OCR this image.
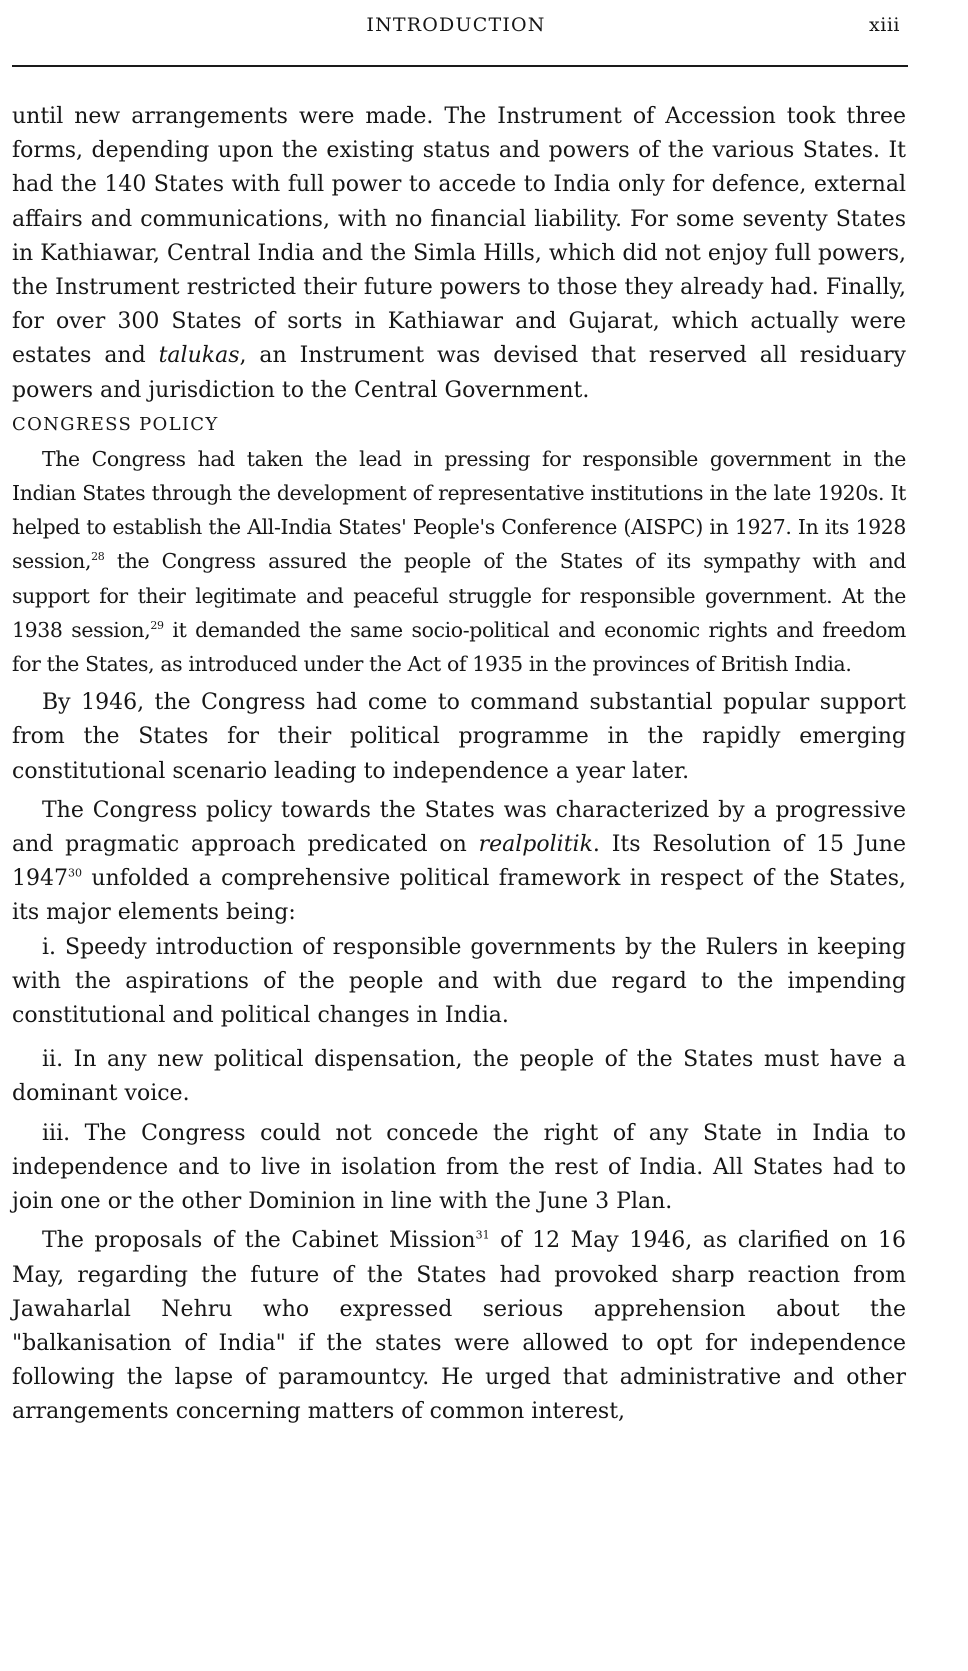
INTRODUCTION	xiii

until new arrangements were made. The Instrument of Accession took three forms, depending upon the existing status and powers of the various States. It had the 140 States with full power to accede to India only for defence, external affairs and communications, with no financial liability. For some seventy States in Kathiawar, Central India and the Simla Hills, which did not enjoy full powers, the Instrument restricted their future powers to those they already had. Finally, for over 300 States of sorts in Kathiawar and Gujarat, which actually were estates and talukas, an Instrument was devised that reserved all residuary powers and jurisdiction to the Central Government.

CONGRESS POLICY

The Congress had taken the lead in pressing for responsible government in the Indian States through the development of representative institutions in the late 1920s. It helped to establish the All-India States' People's Conference (AISPC) in 1927. In its 1928 session,$^{28}$ the Congress assured the people of the States of its sympathy with and support for their legitimate and peaceful struggle for responsible government. At the 1938 session,$^{29}$ it demanded the same socio-political and economic rights and freedom for the States, as introduced under the Act of 1935 in the provinces of British India.

By 1946, the Congress had come to command substantial popular support from the States for their political programme in the rapidly emerging constitutional scenario leading to independence a year later.

The Congress policy towards the States was characterized by a progressive and pragmatic approach predicated on realpolitik. Its Resolution of 15 June 1947$^{30}$ unfolded a comprehensive political framework in respect of the States, its major elements being:

i. Speedy introduction of responsible governments by the Rulers in keeping with the aspirations of the people and with due regard to the impending constitutional and political changes in India.

ii. In any new political dispensation, the people of the States must have a dominant voice.

iii. The Congress could not concede the right of any State in India to independence and to live in isolation from the rest of India. All States had to join one or the other Dominion in line with the June 3 Plan.

The proposals of the Cabinet Mission$^{31}$ of 12 May 1946, as clarified on 16 May, regarding the future of the States had provoked sharp reaction from Jawaharlal Nehru who expressed serious apprehension about the "balkanisation of India" if the states were allowed to opt for independence following the lapse of paramountcy. He urged that administrative and other arrangements concerning matters of common interest,
